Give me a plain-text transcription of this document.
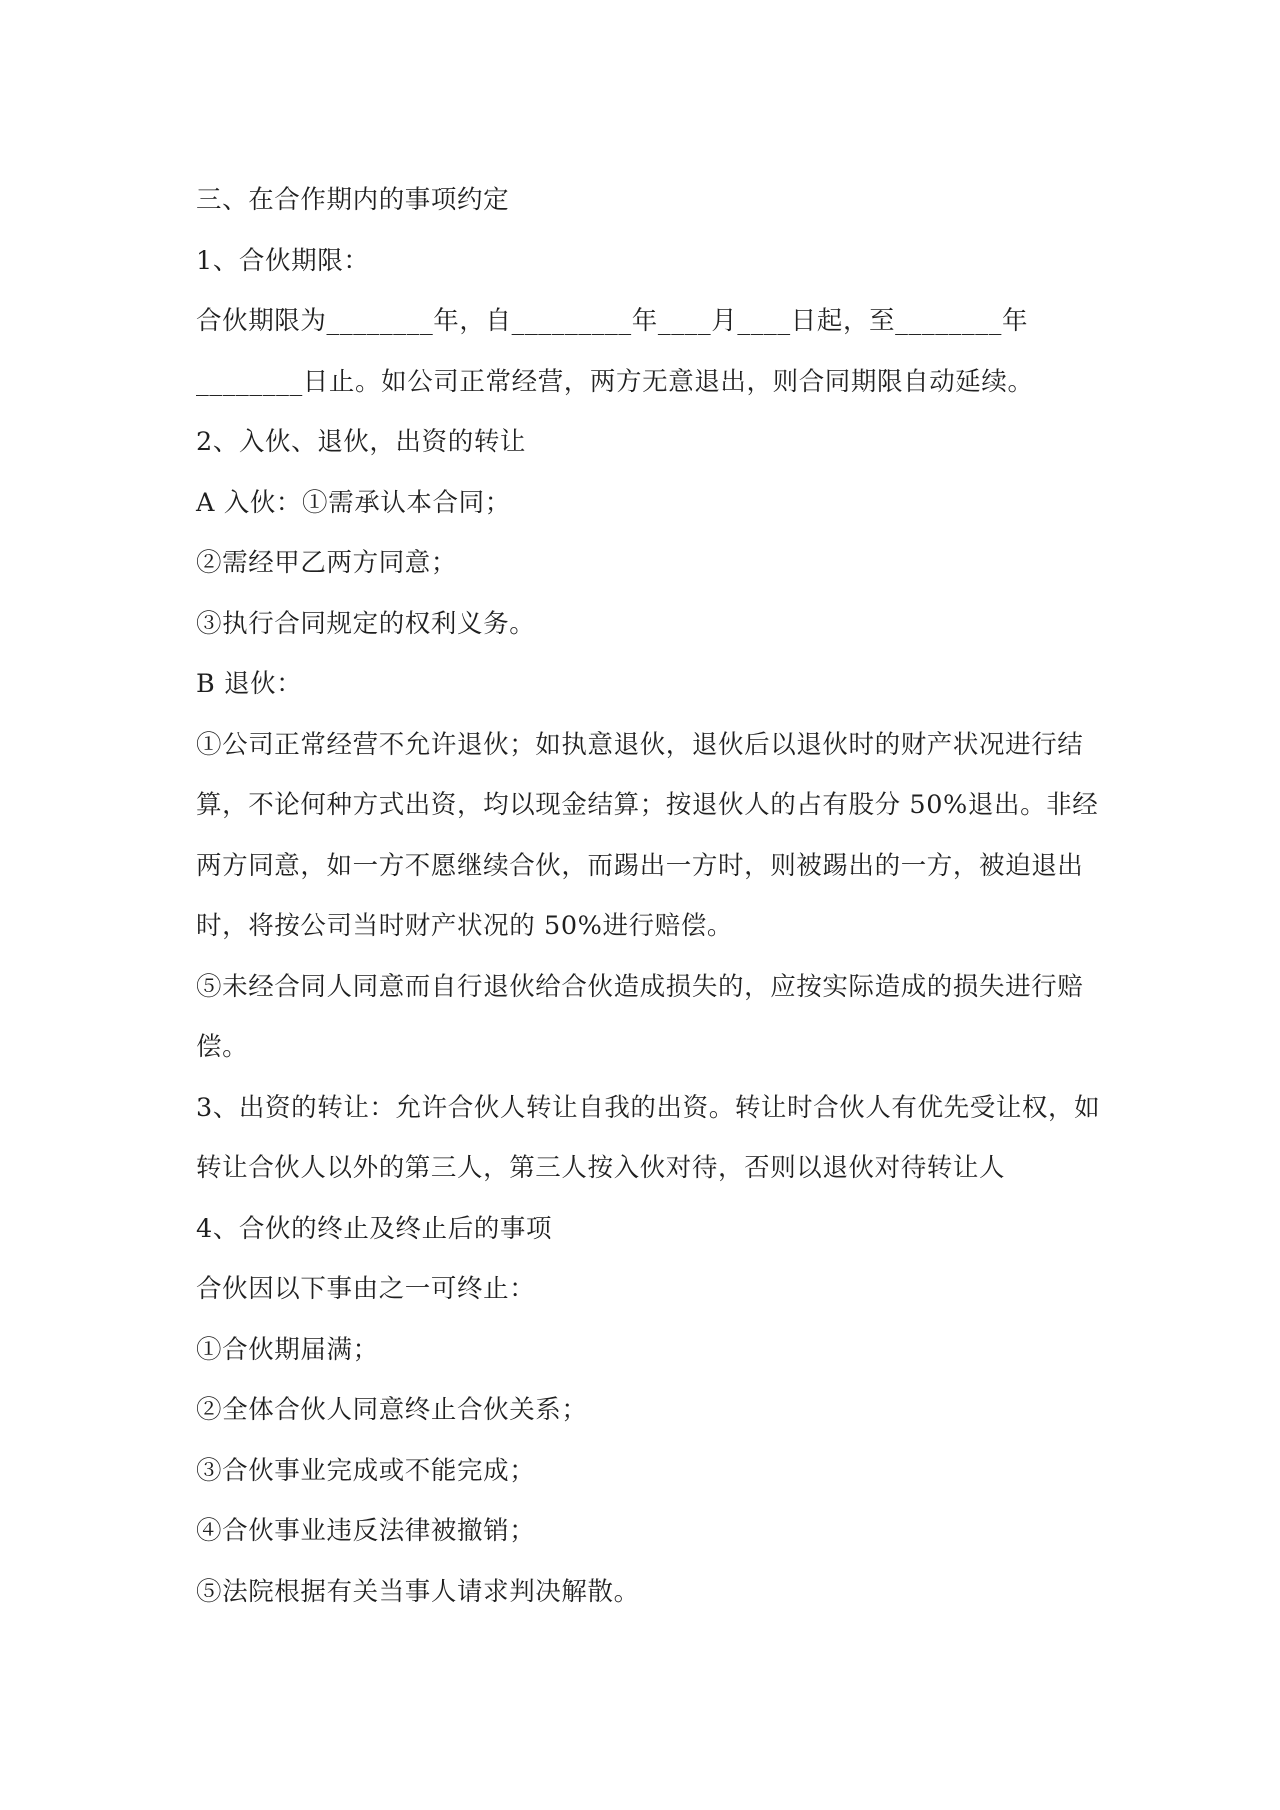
三、在合作期内的事项约定
1、合伙期限：
合伙期限为________年，自_________年____月____日起，至________年
________日止。如公司正常经营，两方无意退出，则合同期限自动延续。
2、入伙、退伙，出资的转让
A 入伙：①需承认本合同；
②需经甲乙两方同意；
③执行合同规定的权利义务。
B 退伙：
①公司正常经营不允许退伙；如执意退伙，退伙后以退伙时的财产状况进行结
算，不论何种方式出资，均以现金结算；按退伙人的占有股分 50%退出。非经
两方同意，如一方不愿继续合伙，而踢出一方时，则被踢出的一方，被迫退出
时，将按公司当时财产状况的 50%进行赔偿。
⑤未经合同人同意而自行退伙给合伙造成损失的，应按实际造成的损失进行赔
偿。
3、出资的转让：允许合伙人转让自我的出资。转让时合伙人有优先受让权，如
转让合伙人以外的第三人，第三人按入伙对待，否则以退伙对待转让人
4、合伙的终止及终止后的事项
合伙因以下事由之一可终止：
①合伙期届满；
②全体合伙人同意终止合伙关系；
③合伙事业完成或不能完成；
④合伙事业违反法律被撤销；
⑤法院根据有关当事人请求判决解散。
